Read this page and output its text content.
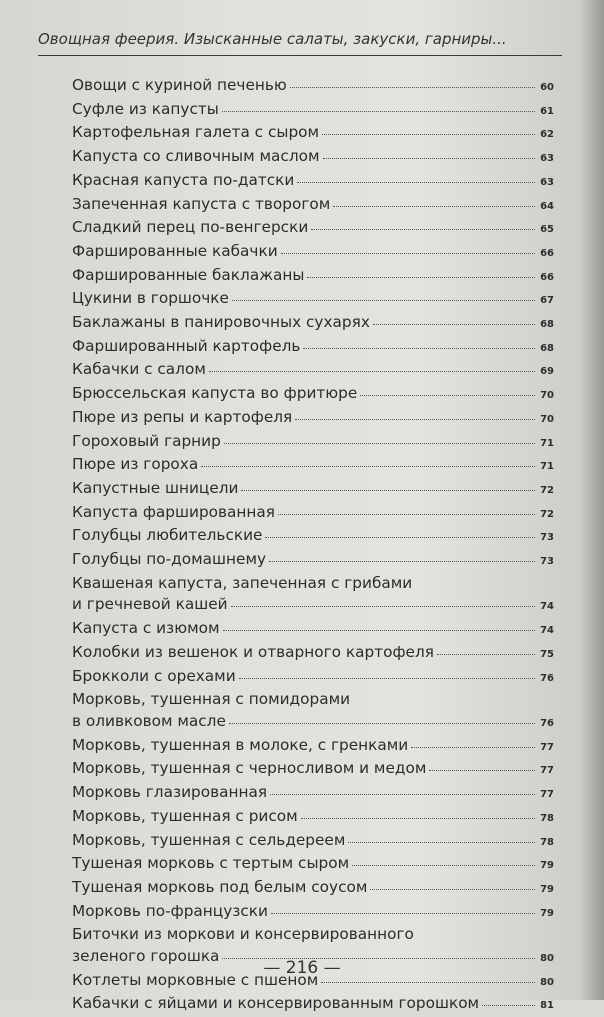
Овощная феерия. Изысканные салаты, закуски, гарниры...
Овощи с куриной печенью	60
Суфле из капусты	61
Картофельная галета с сыром	62
Капуста со сливочным маслом	63
Красная капуста по-датски	63
Запеченная капуста с творогом	64
Сладкий перец по-венгерски	65
Фаршированные кабачки	66
Фаршированные баклажаны	66
Цукини в горшочке	67
Баклажаны в панировочных сухарях	68
Фаршированный картофель	68
Кабачки с салом	69
Брюссельская капуста во фритюре	70
Пюре из репы и картофеля	70
Гороховый гарнир	71
Пюре из гороха	71
Капустные шницели	72
Капуста фаршированная	72
Голубцы любительские	73
Голубцы по-домашнему	73
Квашеная капуста, запеченная с грибами
и гречневой кашей	74
Капуста с изюмом	74
Колобки из вешенок и отварного картофеля	75
Брокколи с орехами	76
Морковь, тушенная с помидорами
в оливковом масле	76
Морковь, тушенная в молоке, с гренками	77
Морковь, тушенная с черносливом и медом	77
Морковь глазированная	77
Морковь, тушенная с рисом	78
Морковь, тушенная с сельдереем	78
Тушеная морковь с тертым сыром	79
Тушеная морковь под белым соусом	79
Морковь по-французски	79
Биточки из моркови и консервированного
зеленого горошка	80
Котлеты морковные с пшеном	80
Кабачки с яйцами и консервированным горошком	81
— 216 —
